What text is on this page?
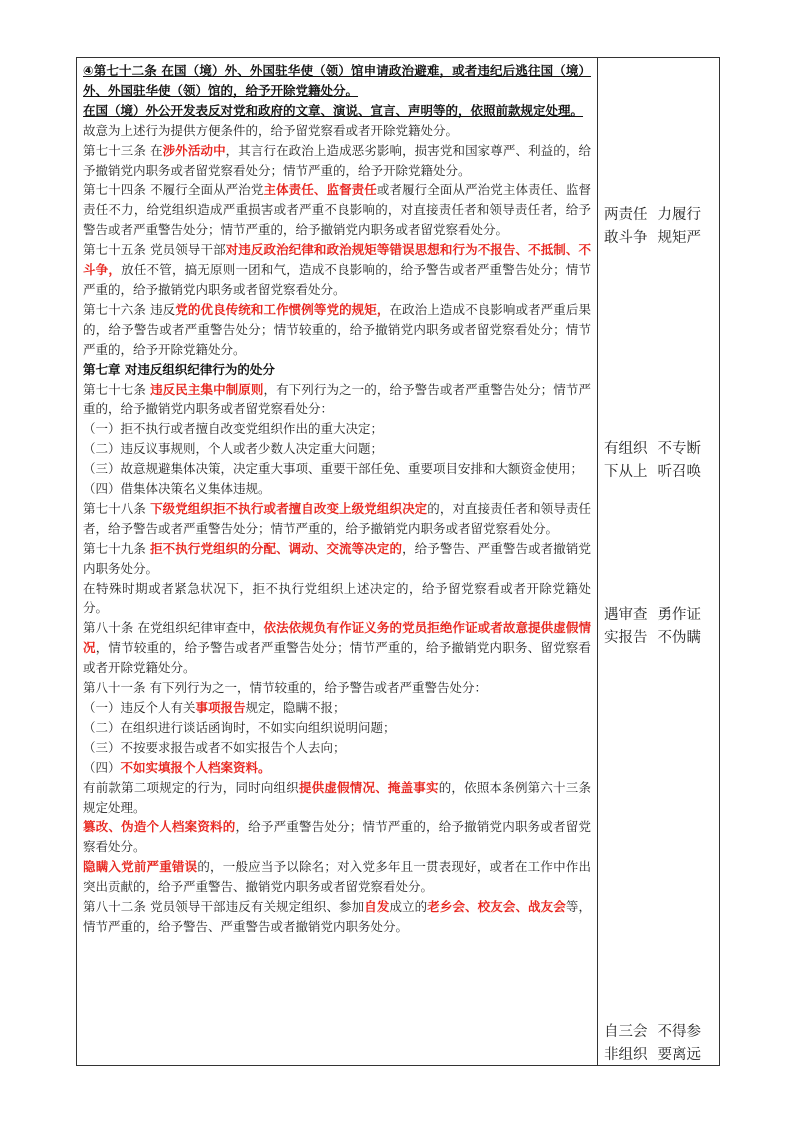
④第七十二条 在国（境）外、外国驻华使（领）馆申请政治避难，或者违纪后逃往国（境）外、外国驻华使（领）馆的，给予开除党籍处分。

在国（境）外公开发表反对党和政府的文章、演说、宣言、声明等的，依照前款规定处理。

故意为上述行为提供方便条件的，给予留党察看或者开除党籍处分。

第七十三条 在涉外活动中，其言行在政治上造成恶劣影响，损害党和国家尊严、利益的，给予撤销党内职务或者留党察看处分；情节严重的，给予开除党籍处分。

第七十四条 不履行全面从严治党主体责任、监督责任或者履行全面从严治党主体责任、监督责任不力，给党组织造成严重损害或者严重不良影响的，对直接责任者和领导责任者，给予警告或者严重警告处分；情节严重的，给予撤销党内职务或者留党察看处分。

第七十五条 党员领导干部对违反政治纪律和政治规矩等错误思想和行为不报告、不抵制、不斗争，放任不管，搞无原则一团和气，造成不良影响的，给予警告或者严重警告处分；情节严重的，给予撤销党内职务或者留党察看处分。

第七十六条 违反党的优良传统和工作惯例等党的规矩，在政治上造成不良影响或者严重后果的，给予警告或者严重警告处分；情节较重的，给予撤销党内职务或者留党察看处分；情节严重的，给予开除党籍处分。

第七章 对违反组织纪律行为的处分

第七十七条 违反民主集中制原则，有下列行为之一的，给予警告或者严重警告处分；情节严重的，给予撤销党内职务或者留党察看处分：

（一）拒不执行或者擅自改变党组织作出的重大决定；

（二）违反议事规则，个人或者少数人决定重大问题；

（三）故意规避集体决策，决定重大事项、重要干部任免、重要项目安排和大额资金使用；

（四）借集体决策名义集体违规。

第七十八条 下级党组织拒不执行或者擅自改变上级党组织决定的，对直接责任者和领导责任者，给予警告或者严重警告处分；情节严重的，给予撤销党内职务或者留党察看处分。

第七十九条 拒不执行党组织的分配、调动、交流等决定的，给予警告、严重警告或者撤销党内职务处分。

在特殊时期或者紧急状况下，拒不执行党组织上述决定的，给予留党察看或者开除党籍处分。

第八十条 在党组织纪律审查中，依法依规负有作证义务的党员拒绝作证或者故意提供虚假情况，情节较重的，给予警告或者严重警告处分；情节严重的，给予撤销党内职务、留党察看或者开除党籍处分。

第八十一条 有下列行为之一，情节较重的，给予警告或者严重警告处分：

（一）违反个人有关事项报告规定，隐瞒不报；

（二）在组织进行谈话函询时，不如实向组织说明问题；

（三）不按要求报告或者不如实报告个人去向；

（四）不如实填报个人档案资料。

有前款第二项规定的行为，同时向组织提供虚假情况、掩盖事实的，依照本条例第六十三条规定处理。

篡改、伪造个人档案资料的，给予严重警告处分；情节严重的，给予撤销党内职务或者留党察看处分。

隐瞒入党前严重错误的，一般应当予以除名；对入党多年且一贯表现好，或者在工作中作出突出贡献的，给予严重警告、撤销党内职务或者留党察看处分。

第八十二条 党员领导干部违反有关规定组织、参加自发成立的老乡会、校友会、战友会等，情节严重的，给予警告、严重警告或者撤销党内职务处分。

两责任 力履行
敢斗争 规矩严
有组织 不专断
下从上 听召唤
遇审查 勇作证
实报告 不伪瞒
自三会 不得参
非组织 要离远
